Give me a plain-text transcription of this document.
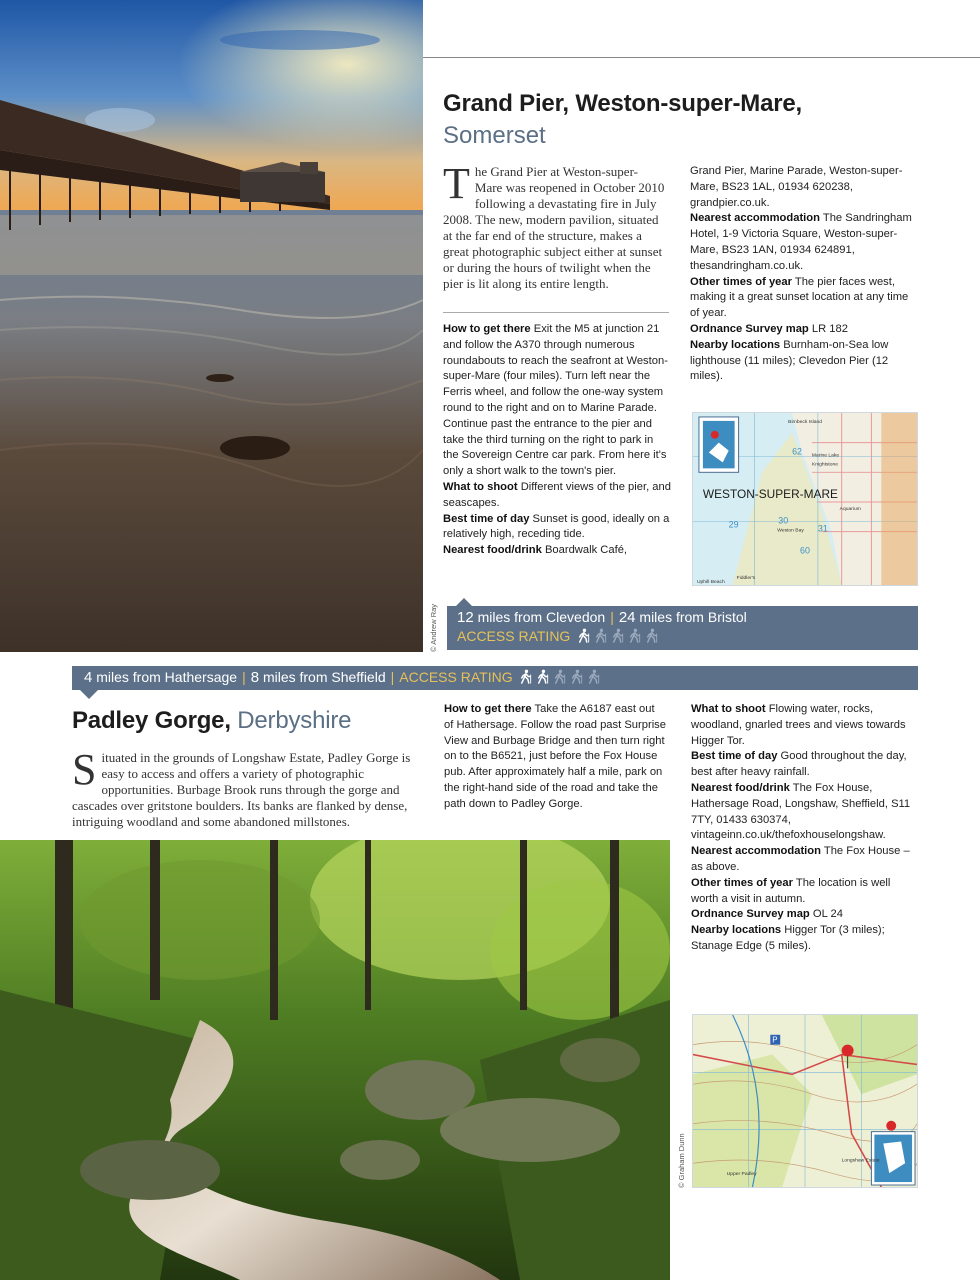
© Andrew Ray
Grand Pier, Weston-super-Mare,
Somerset
The Grand Pier at Weston-super-Mare was reopened in October 2010 following a devastating fire in July 2008. The new, modern pavilion, situated at the far end of the structure, makes a great photographic subject either at sunset or during the hours of twilight when the pier is lit along its entire length.

How to get there Exit the M5 at junction 21 and follow the A370 through numerous roundabouts to reach the seafront at Weston-super-Mare (four miles). Turn left near the Ferris wheel, and follow the one-way system round to the right and on to Marine Parade. Continue past the entrance to the pier and take the third turning on the right to park in the Sovereign Centre car park. From here it's only a short walk to the town's pier.

What to shoot Different views of the pier, and seascapes.

Best time of day Sunset is good, ideally on a relatively high, receding tide.

Nearest food/drink Boardwalk Café,

Grand Pier, Marine Parade, Weston-super-Mare, BS23 1AL, 01934 620238, grandpier.co.uk.

Nearest accommodation The Sandringham Hotel, 1-9 Victoria Square, Weston-super-Mare, BS23 1AN, 01934 624891, thesandringham.co.uk.

Other times of year The pier faces west, making it a great sunset location at any time of year.

Ordnance Survey map LR 182

Nearby locations Burnham-on-Sea low lighthouse (11 miles); Clevedon Pier (12 miles).

WESTON-SUPER-MARE
Birnbeck Island
Marine Lake
Knightstone
Aquarium
Weston Bay
62
29	30
31
60
Uphill Beach
Fiddler's
12 miles from Clevedon | 24 miles from Bristol
ACCESS RATING
4 miles from Hathersage | 8 miles from Sheffield | ACCESS RATING
Padley Gorge, Derbyshire
Situated in the grounds of Longshaw Estate, Padley Gorge is easy to access and offers a variety of photographic opportunities. Burbage Brook runs through the gorge and cascades over gritstone boulders. Its banks are flanked by dense, intriguing woodland and some abandoned millstones.

How to get there Take the A6187 east out of Hathersage. Follow the road past Surprise View and Burbage Bridge and then turn right on to the B6521, just before the Fox House pub. After approximately half a mile, park on the right-hand side of the road and take the path down to Padley Gorge.

What to shoot Flowing water, rocks, woodland, gnarled trees and views towards Higger Tor.

Best time of day Good throughout the day, best after heavy rainfall.

Nearest food/drink The Fox House, Hathersage Road, Longshaw, Sheffield, S11 7TY, 01433 630374, vintageinn.co.uk/thefoxhouselongshaw.

Nearest accommodation The Fox House – as above.

Other times of year The location is well worth a visit in autumn.

Ordnance Survey map OL 24

Nearby locations Higger Tor (3 miles); Stanage Edge (5 miles).

© Graham Dunn
P
Longshaw Estate
Upper Padley
